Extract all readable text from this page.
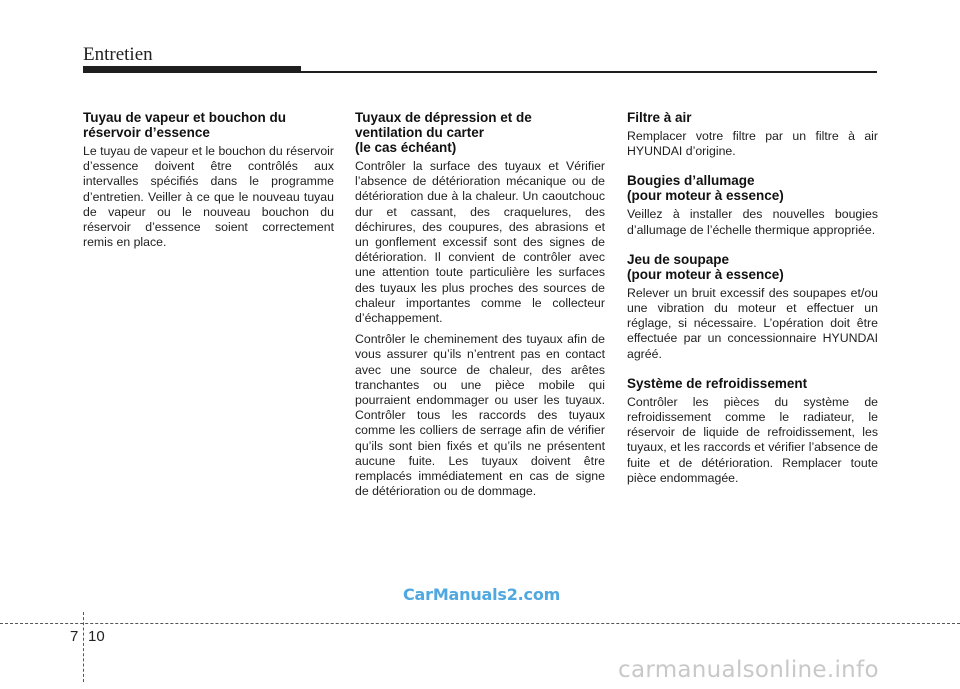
Entretien
Tuyau de vapeur et bouchon du
réservoir d’essence

Le tuyau de vapeur et le bouchon du réservoir d’essence doivent être contrôlés aux intervalles spécifiés dans le programme d’entretien. Veiller à ce que le nouveau tuyau de vapeur ou le nouveau bouchon du réservoir d’essence soient correctement remis en place.

Tuyaux de dépression et de
ventilation du carter
(le cas échéant)

Contrôler la surface des tuyaux et Vérifier l’absence de détérioration mécanique ou de détérioration due à la chaleur. Un caoutchouc dur et cassant, des craquelures, des déchirures, des coupures, des abrasions et un gonflement excessif sont des signes de détérioration. Il convient de contrôler avec une attention toute particulière les surfaces des tuyaux les plus proches des sources de chaleur importantes comme le collecteur d’échappement.

Contrôler le cheminement des tuyaux afin de vous assurer qu’ils n’entrent pas en contact avec une source de chaleur, des arêtes tranchantes ou une pièce mobile qui pourraient endommager ou user les tuyaux. Contrôler tous les raccords des tuyaux comme les colliers de serrage afin de vérifier qu’ils sont bien fixés et qu’ils ne présentent aucune fuite. Les tuyaux doivent être remplacés immédiatement en cas de signe de détérioration ou de dommage.

Filtre à air

Remplacer votre filtre par un filtre à air HYUNDAI d’origine.

Bougies d’allumage
(pour moteur à essence)

Veillez à installer des nouvelles bougies d’allumage de l’échelle thermique appropriée.

Jeu de soupape
(pour moteur à essence)

Relever un bruit excessif des soupapes et/ou une vibration du moteur et effectuer un réglage, si nécessaire. L’opération doit être effectuée par un concessionnaire HYUNDAI agréé.

Système de refroidissement

Contrôler les pièces du système de refroidissement comme le radiateur, le réservoir de liquide de refroidissement, les tuyaux, et les raccords et vérifier l’absence de fuite et de détérioration. Remplacer toute pièce endommagée.

CarManuals2.com
7 10
carmanualsonline.info
